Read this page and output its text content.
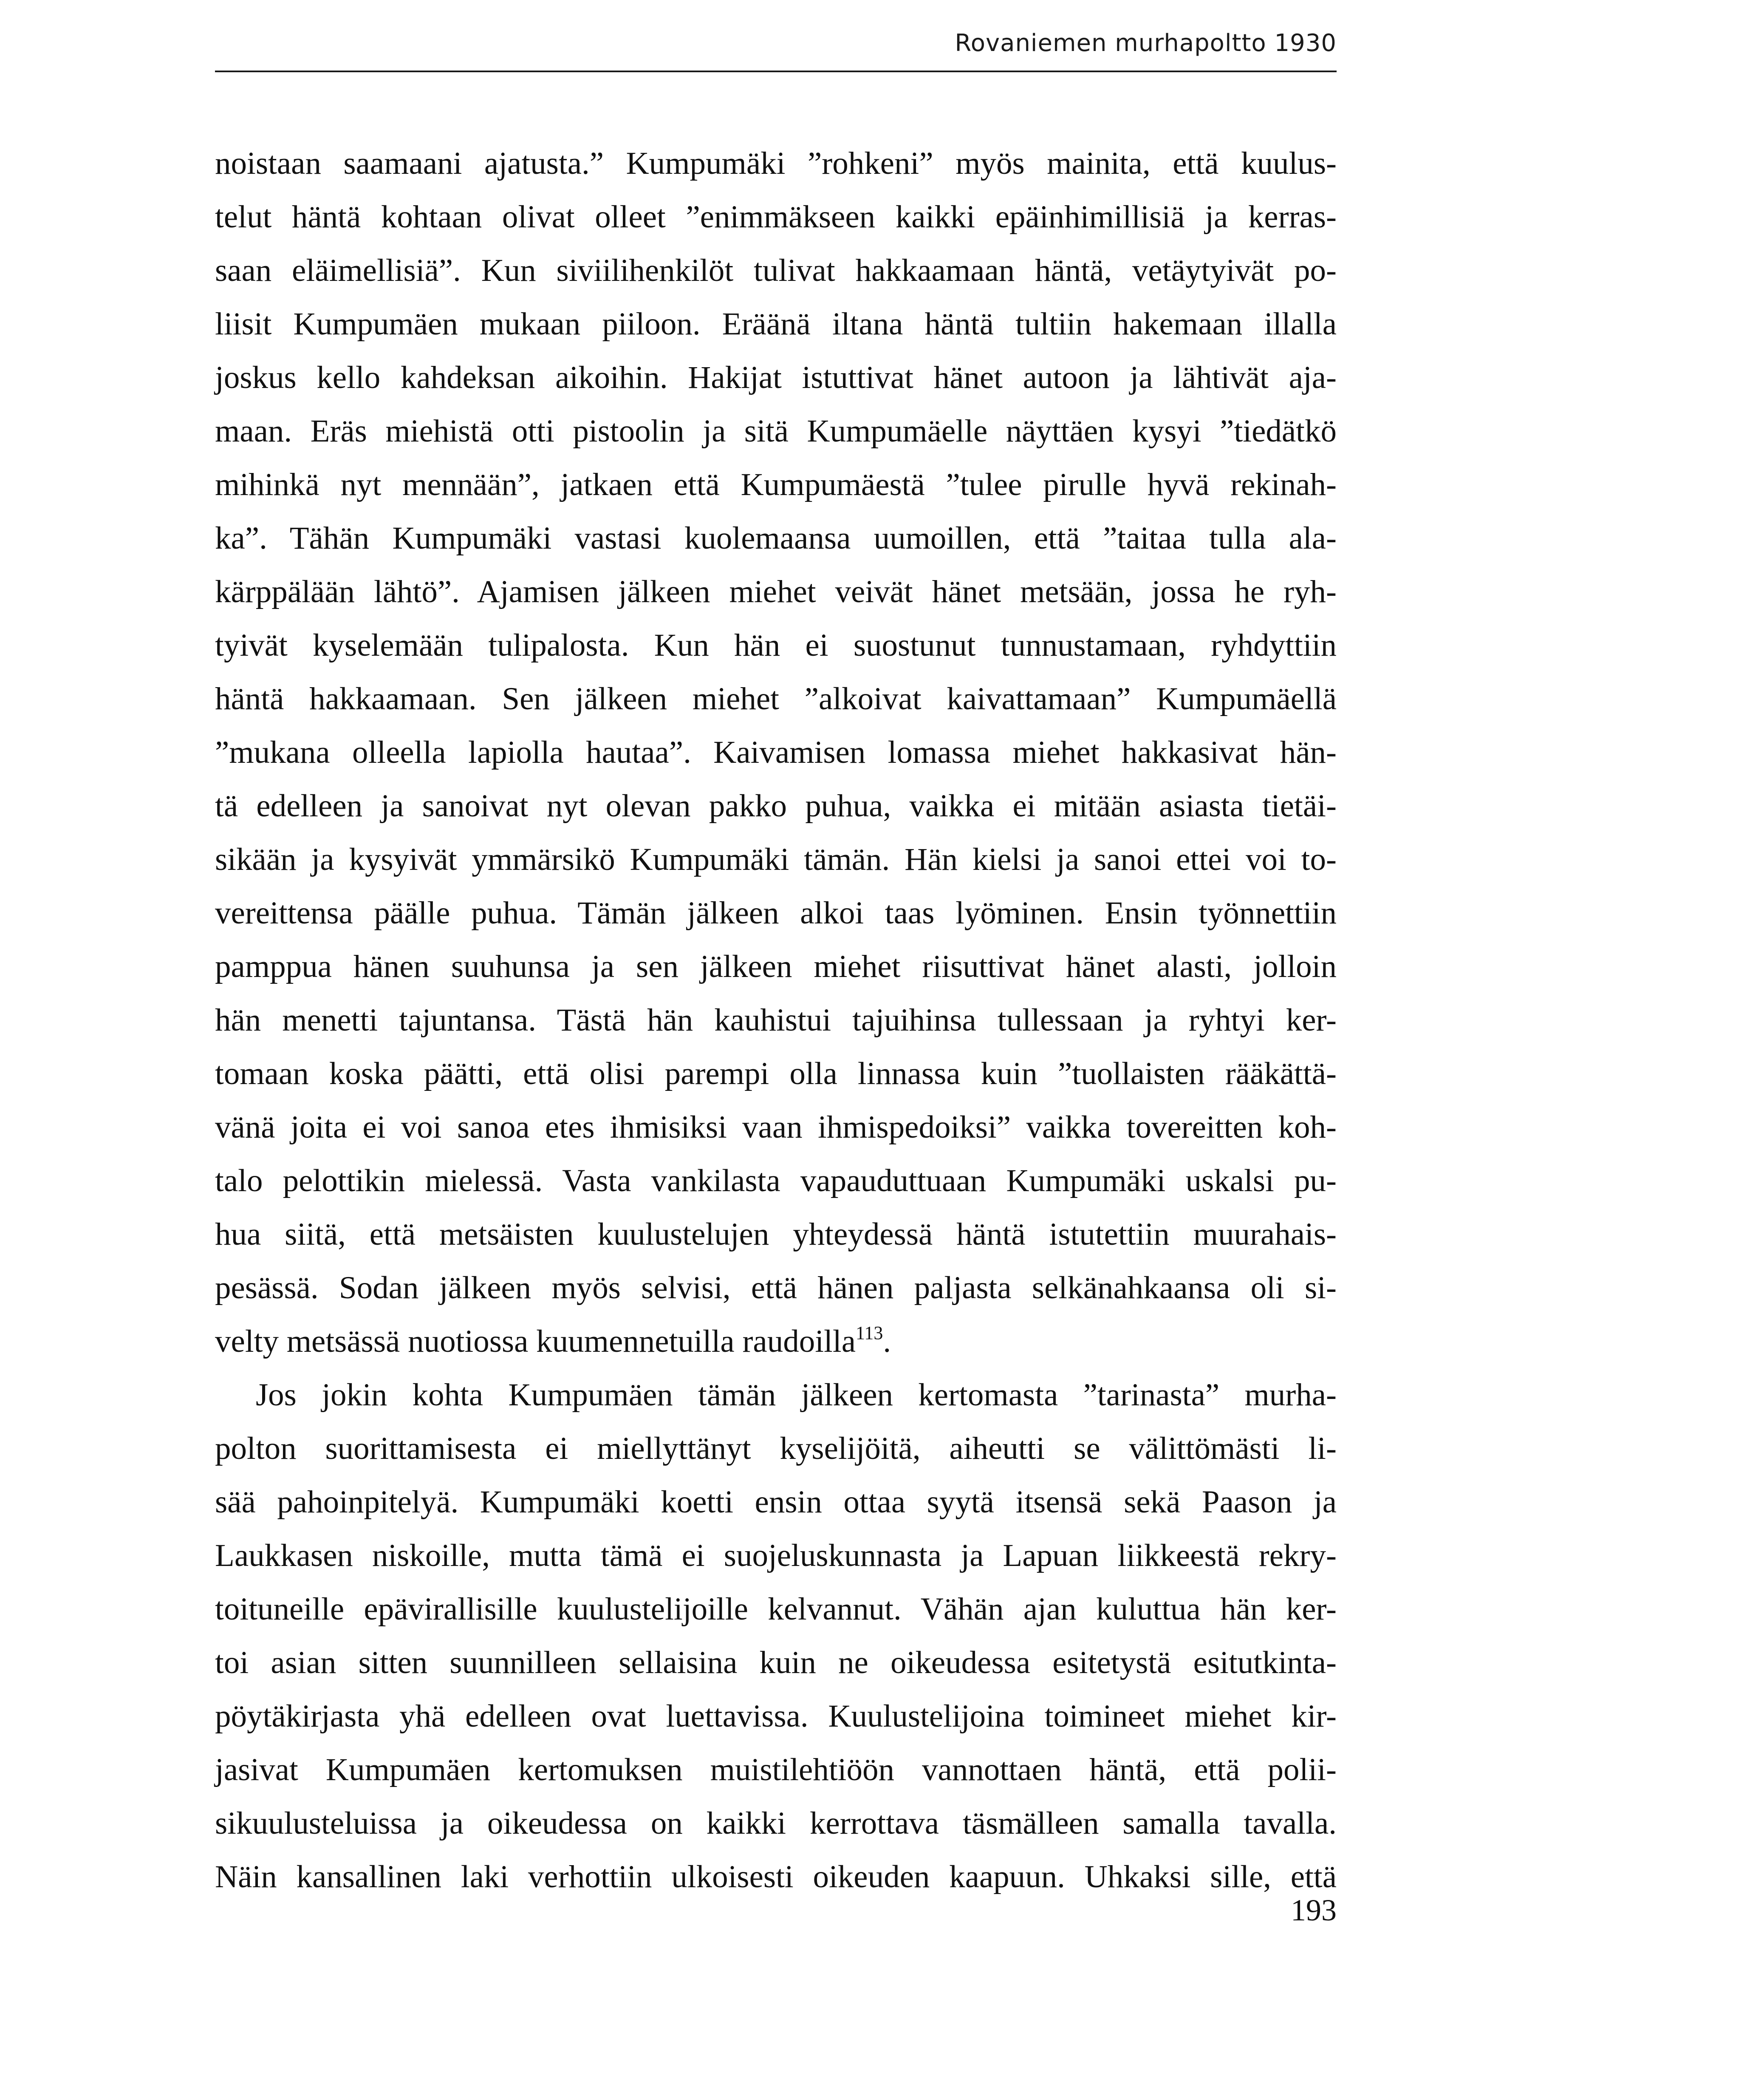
Rovaniemen murhapoltto 1930
noistaan saamaani ajatusta.” Kumpumäki ”rohkeni” myös mainita, että kuulus-
telut häntä kohtaan olivat olleet ”enimmäkseen kaikki epäinhimillisiä ja kerras-
saan eläimellisiä”. Kun siviilihenkilöt tulivat hakkaamaan häntä, vetäytyivät po-
liisit Kumpumäen mukaan piiloon. Eräänä iltana häntä tultiin hakemaan illalla
joskus kello kahdeksan aikoihin. Hakijat istuttivat hänet autoon ja lähtivät aja-
maan. Eräs miehistä otti pistoolin ja sitä Kumpumäelle näyttäen kysyi ”tiedätkö
mihinkä nyt mennään”, jatkaen että Kumpumäestä ”tulee pirulle hyvä rekinah-
ka”. Tähän Kumpumäki vastasi kuolemaansa uumoillen, että ”taitaa tulla ala-
kärppälään lähtö”. Ajamisen jälkeen miehet veivät hänet metsään, jossa he ryh-
tyivät kyselemään tulipalosta. Kun hän ei suostunut tunnustamaan, ryhdyttiin
häntä hakkaamaan. Sen jälkeen miehet ”alkoivat kaivattamaan” Kumpumäellä
”mukana olleella lapiolla hautaa”. Kaivamisen lomassa miehet hakkasivat hän-
tä edelleen ja sanoivat nyt olevan pakko puhua, vaikka ei mitään asiasta tietäi-
sikään ja kysyivät ymmärsikö Kumpumäki tämän. Hän kielsi ja sanoi ettei voi to-
vereittensa päälle puhua. Tämän jälkeen alkoi taas lyöminen. Ensin työnnettiin
pamppua hänen suuhunsa ja sen jälkeen miehet riisuttivat hänet alasti, jolloin
hän menetti tajuntansa. Tästä hän kauhistui tajuihinsa tullessaan ja ryhtyi ker-
tomaan koska päätti, että olisi parempi olla linnassa kuin ”tuollaisten rääkättä-
vänä joita ei voi sanoa etes ihmisiksi vaan ihmispedoiksi” vaikka tovereitten koh-
talo pelottikin mielessä. Vasta vankilasta vapauduttuaan Kumpumäki uskalsi pu-
hua siitä, että metsäisten kuulustelujen yhteydessä häntä istutettiin muurahais-
pesässä. Sodan jälkeen myös selvisi, että hänen paljasta selkänahkaansa oli si-
velty metsässä nuotiossa kuumennetuilla raudoilla$^{113}$.
Jos jokin kohta Kumpumäen tämän jälkeen kertomasta ”tarinasta” murha-
polton suorittamisesta ei miellyttänyt kyselijöitä, aiheutti se välittömästi li-
sää pahoinpitelyä. Kumpumäki koetti ensin ottaa syytä itsensä sekä Paason ja
Laukkasen niskoille, mutta tämä ei suojeluskunnasta ja Lapuan liikkeestä rekry-
toituneille epävirallisille kuulustelijoille kelvannut. Vähän ajan kuluttua hän ker-
toi asian sitten suunnilleen sellaisina kuin ne oikeudessa esitetystä esitutkinta-
pöytäkirjasta yhä edelleen ovat luettavissa. Kuulustelijoina toimineet miehet kir-
jasivat Kumpumäen kertomuksen muistilehtiöön vannottaen häntä, että polii-
sikuulusteluissa ja oikeudessa on kaikki kerrottava täsmälleen samalla tavalla.
Näin kansallinen laki verhottiin ulkoisesti oikeuden kaapuun. Uhkaksi sille, että
193
